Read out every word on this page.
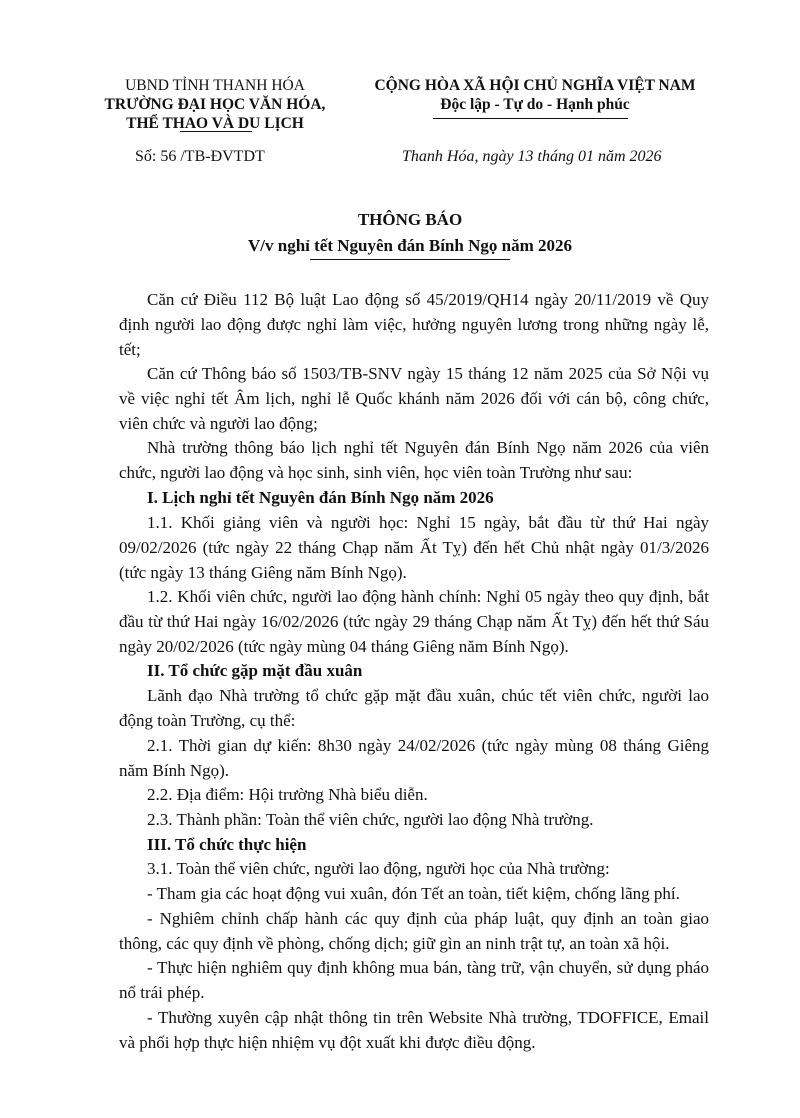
UBND TỈNH THANH HÓA
TRƯỜNG ĐẠI HỌC VĂN HÓA,
THỂ THAO VÀ DU LỊCH
CỘNG HÒA XÃ HỘI CHỦ NGHĨA VIỆT NAM
Độc lập - Tự do - Hạnh phúc
Số: 56 /TB-ĐVTDT	Thanh Hóa, ngày 13 tháng 01 năm 2026
THÔNG BÁO
V/v nghỉ tết Nguyên đán Bính Ngọ năm 2026
Căn cứ Điều 112 Bộ luật Lao động số 45/2019/QH14 ngày 20/11/2019 về Quy định người lao động được nghỉ làm việc, hưởng nguyên lương trong những ngày lễ, tết;
Căn cứ Thông báo số 1503/TB-SNV ngày 15 tháng 12 năm 2025 của Sở Nội vụ về việc nghỉ tết Âm lịch, nghỉ lễ Quốc khánh năm 2026 đối với cán bộ, công chức, viên chức và người lao động;
Nhà trường thông báo lịch nghỉ tết Nguyên đán Bính Ngọ năm 2026 của viên chức, người lao động và học sinh, sinh viên, học viên toàn Trường như sau:
I. Lịch nghỉ tết Nguyên đán Bính Ngọ năm 2026
1.1. Khối giảng viên và người học: Nghỉ 15 ngày, bắt đầu từ thứ Hai ngày 09/02/2026 (tức ngày 22 tháng Chạp năm Ất Tỵ) đến hết Chủ nhật ngày 01/3/2026 (tức ngày 13 tháng Giêng năm Bính Ngọ).
1.2. Khối viên chức, người lao động hành chính: Nghỉ 05 ngày theo quy định, bắt đầu từ thứ Hai ngày 16/02/2026 (tức ngày 29 tháng Chạp năm Ất Tỵ) đến hết thứ Sáu ngày 20/02/2026 (tức ngày mùng 04 tháng Giêng năm Bính Ngọ).
II. Tổ chức gặp mặt đầu xuân
Lãnh đạo Nhà trường tổ chức gặp mặt đầu xuân, chúc tết viên chức, người lao động toàn Trường, cụ thể:
2.1. Thời gian dự kiến: 8h30 ngày 24/02/2026 (tức ngày mùng 08 tháng Giêng năm Bính Ngọ).
2.2. Địa điểm: Hội trường Nhà biểu diễn.
2.3. Thành phần: Toàn thể viên chức, người lao động Nhà trường.
III. Tổ chức thực hiện
3.1. Toàn thể viên chức, người lao động, người học của Nhà trường:
- Tham gia các hoạt động vui xuân, đón Tết an toàn, tiết kiệm, chống lãng phí.
- Nghiêm chỉnh chấp hành các quy định của pháp luật, quy định an toàn giao thông, các quy định về phòng, chống dịch; giữ gìn an ninh trật tự, an toàn xã hội.
- Thực hiện nghiêm quy định không mua bán, tàng trữ, vận chuyển, sử dụng pháo nổ trái phép.
- Thường xuyên cập nhật thông tin trên Website Nhà trường, TDOFFICE, Email và phối hợp thực hiện nhiệm vụ đột xuất khi được điều động.
